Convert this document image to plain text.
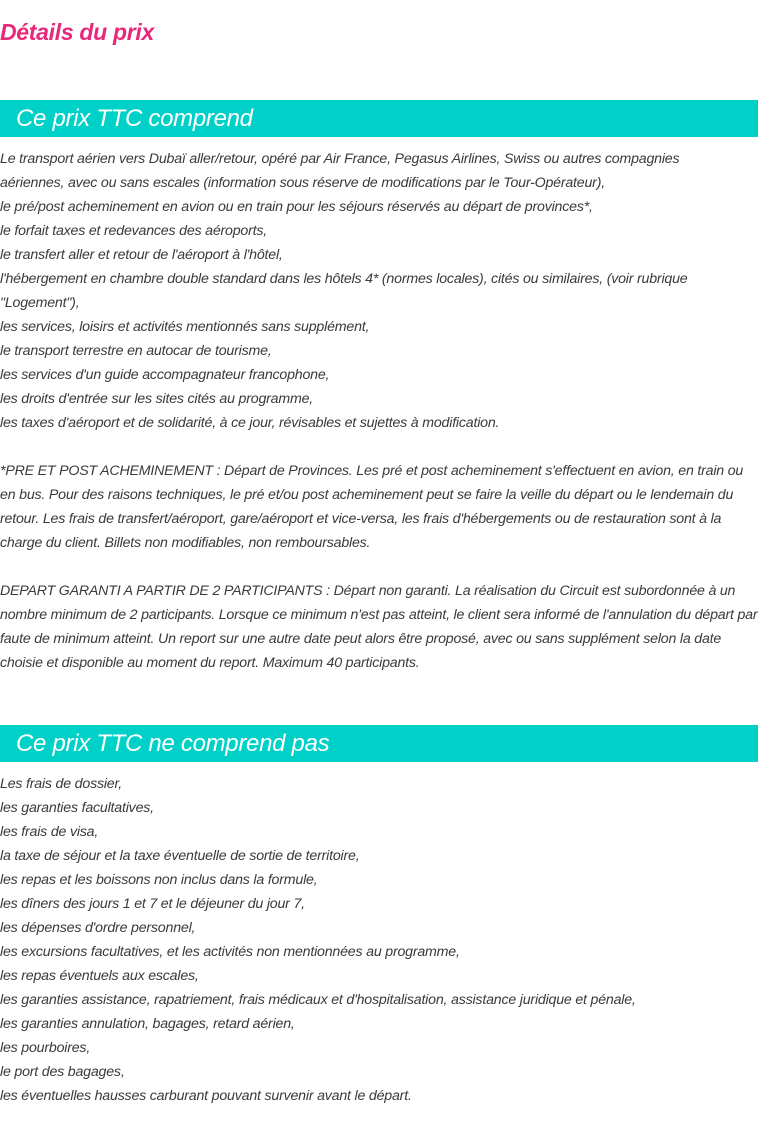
Détails du prix
Ce prix TTC comprend
Le transport aérien vers Dubaï aller/retour, opéré par Air France, Pegasus Airlines, Swiss ou autres compagnies
aériennes, avec ou sans escales (information sous réserve de modifications par le Tour-Opérateur),
le pré/post acheminement en avion ou en train pour les séjours réservés au départ de provinces*,
le forfait taxes et redevances des aéroports,
le transfert aller et retour de l'aéroport à l'hôtel,
l'hébergement en chambre double standard dans les hôtels 4* (normes locales), cités ou similaires, (voir rubrique
"Logement"),
les services, loisirs et activités mentionnés sans supplément,
le transport terrestre en autocar de tourisme,
les services d'un guide accompagnateur francophone,
les droits d'entrée sur les sites cités au programme,
les taxes d'aéroport et de solidarité, à ce jour, révisables et sujettes à modification.
*PRE ET POST ACHEMINEMENT : Départ de Provinces. Les pré et post acheminement s'effectuent en avion, en train ou en bus. Pour des raisons techniques, le pré et/ou post acheminement peut se faire la veille du départ ou le lendemain du retour. Les frais de transfert/aéroport, gare/aéroport et vice-versa, les frais d'hébergements ou de restauration sont à la charge du client. Billets non modifiables, non remboursables.
DEPART GARANTI A PARTIR DE 2 PARTICIPANTS : Départ non garanti. La réalisation du Circuit est subordonnée à un nombre minimum de 2 participants. Lorsque ce minimum n'est pas atteint, le client sera informé de l'annulation du départ par faute de minimum atteint. Un report sur une autre date peut alors être proposé, avec ou sans supplément selon la date choisie et disponible au moment du report. Maximum 40 participants.
Ce prix TTC ne comprend pas
Les frais de dossier,
les garanties facultatives,
les frais de visa,
la taxe de séjour et la taxe éventuelle de sortie de territoire,
les repas et les boissons non inclus dans la formule,
les dîners des jours 1 et 7 et le déjeuner du jour 7,
les dépenses d'ordre personnel,
les excursions facultatives, et les activités non mentionnées au programme,
les repas éventuels aux escales,
les garanties assistance, rapatriement, frais médicaux et d'hospitalisation, assistance juridique et pénale,
les garanties annulation, bagages, retard aérien,
les pourboires,
le port des bagages,
les éventuelles hausses carburant pouvant survenir avant le départ.
